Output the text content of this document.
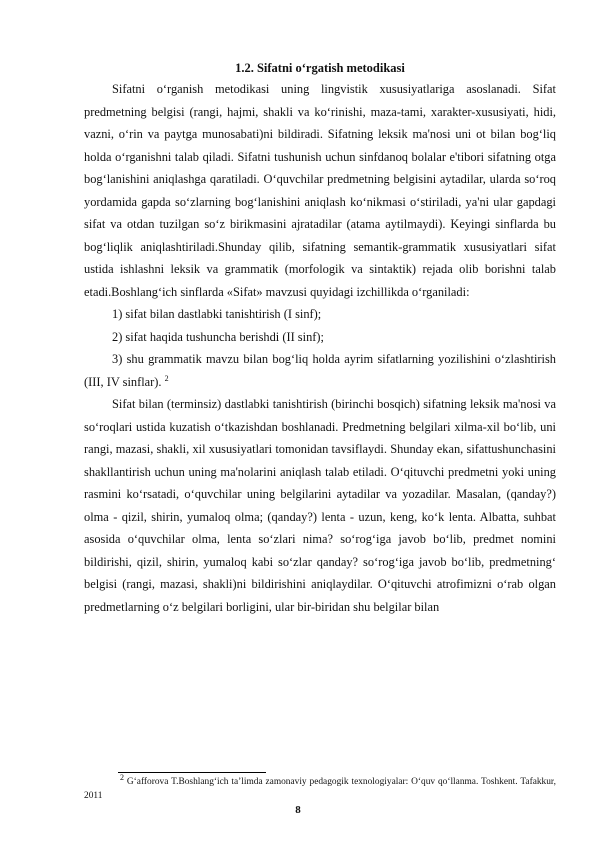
1.2. Sifatni o‘rgatish metodikasi

Sifatni o‘rganish metodikasi uning lingvistik xususiyatlariga asoslanadi. Sifat predmetning belgisi (rangi, hajmi, shakli va ko‘rinishi, maza-tami, xarakter-xususiyati, hidi, vazni, o‘rin va paytga munosabati)ni bildiradi. Sifatning leksik ma'nosi uni ot bilan bog‘liq holda o‘rganishni talab qiladi. Sifatni tushunish uchun sinfdanoq bolalar e'tibori sifatning otga bog‘lanishini aniqlashga qaratiladi. O‘quvchilar predmetning belgisini aytadilar, ularda so‘roq yordamida gapda so‘zlarning bog‘lanishini aniqlash ko‘nikmasi o‘stiriladi, ya'ni ular gapdagi sifat va otdan tuzilgan so‘z birikmasini ajratadilar (atama aytilmaydi). Keyingi sinflarda bu bog‘liqlik aniqlashtiriladi.Shunday qilib, sifatning semantik-grammatik xususiyatlari sifat ustida ishlashni leksik va grammatik (morfologik va sintaktik) rejada olib borishni talab etadi.Boshlang‘ich sinflarda «Sifat» mavzusi quyidagi izchillikda o‘rganiladi:

1) sifat bilan dastlabki tanishtirish (I sinf);

2) sifat haqida tushuncha berishdi (II sinf);

3) shu grammatik mavzu bilan bog‘liq holda ayrim sifatlarning yozilishini o‘zlashtirish (III, IV sinflar). $^2$

Sifat bilan (terminsiz) dastlabki tanishtirish (birinchi bosqich) sifatning leksik ma'nosi va so‘roqlari ustida kuzatish o‘tkazishdan boshlanadi. Predmetning belgilari xilma-xil bo‘lib, uni rangi, mazasi, shakli, xil xususiyatlari tomonidan tavsiflaydi. Shunday ekan, sifattushunchasini shakllantirish uchun uning ma'nolarini aniqlash talab etiladi. O‘qituvchi predmetni yoki uning rasmini ko‘rsatadi, o‘quvchilar uning belgilarini aytadilar va yozadilar. Masalan, (qanday?) olma - qizil, shirin, yumaloq olma; (qanday?) lenta - uzun, keng, ko‘k lenta. Albatta, suhbat asosida o‘quvchilar olma, lenta so‘zlari nima? so‘rog‘iga javob bo‘lib, predmet nomini bildirishi, qizil, shirin, yumaloq kabi so‘zlar qanday? so‘rog‘iga javob bo‘lib, predmetning‘ belgisi (rangi, mazasi, shakli)ni bildirishini aniqlaydilar. O‘qituvchi atrofimizni o‘rab olgan predmetlarning o‘z belgilari borligini, ular bir-biridan shu belgilar bilan

$^2$ G‘afforova T.Boshlang‘ich ta’limda zamonaviy pedagogik texnologiyalar: O‘quv qo‘llanma. Toshkent. Tafakkur, 2011

8
